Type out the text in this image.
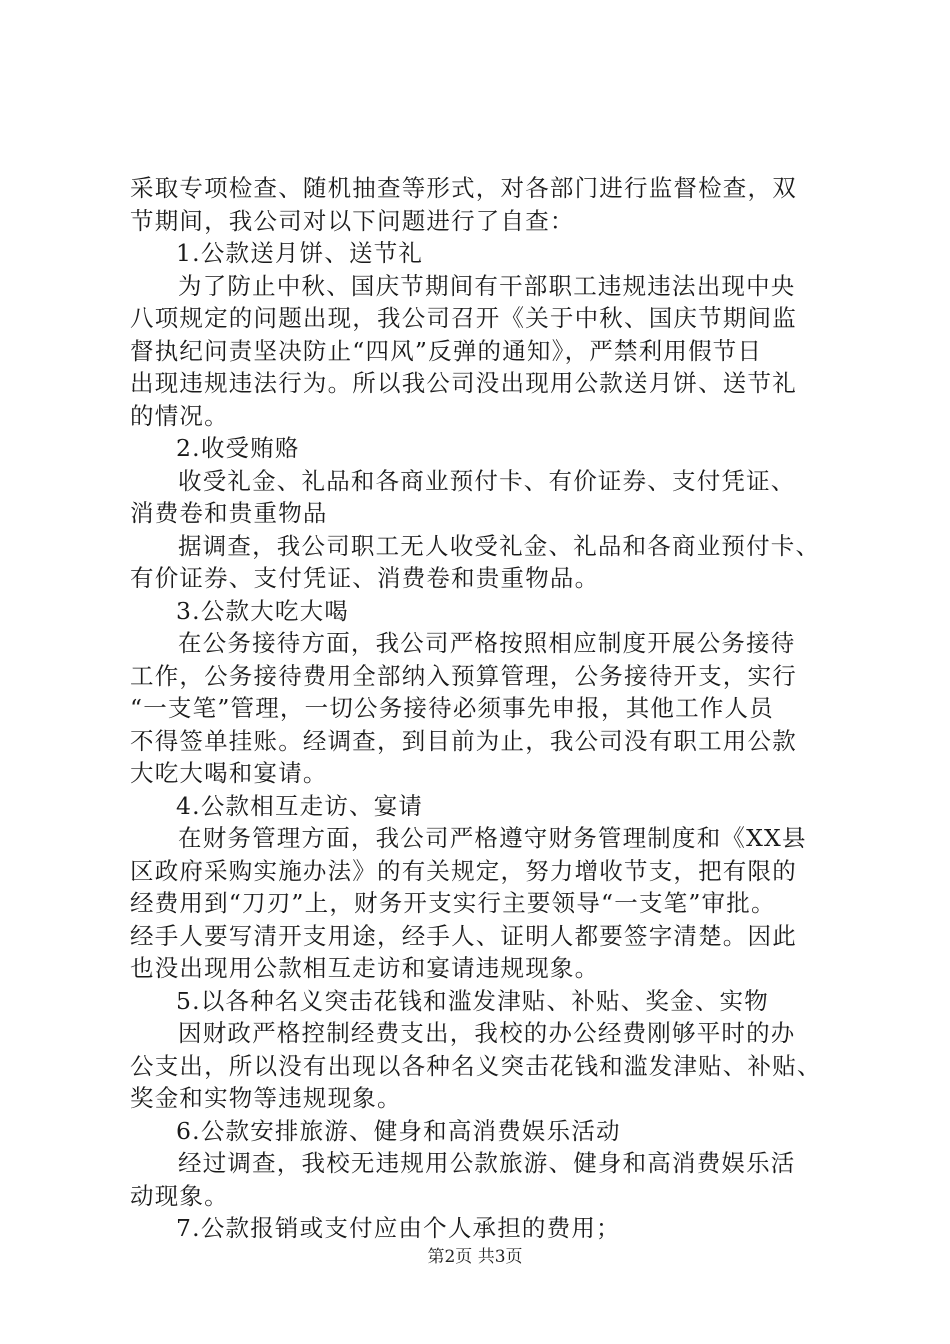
采取专项检查、随机抽查等形式，对各部门进行监督检查，双
节期间，我公司对以下问题进行了自查：
1.公款送月饼、送节礼
为了防止中秋、国庆节期间有干部职工违规违法出现中央
八项规定的问题出现，我公司召开《关于中秋、国庆节期间监
督执纪问责坚决防止“四风”反弹的通知》，严禁利用假节日
出现违规违法行为。所以我公司没出现用公款送月饼、送节礼
的情况。
2.收受贿赂
收受礼金、礼品和各商业预付卡、有价证券、支付凭证、
消费卷和贵重物品
据调查，我公司职工无人收受礼金、礼品和各商业预付卡、
有价证券、支付凭证、消费卷和贵重物品。
3.公款大吃大喝
在公务接待方面，我公司严格按照相应制度开展公务接待
工作，公务接待费用全部纳入预算管理，公务接待开支，实行
“一支笔”管理，一切公务接待必须事先申报，其他工作人员
不得签单挂账。经调查，到目前为止，我公司没有职工用公款
大吃大喝和宴请。
4.公款相互走访、宴请
在财务管理方面，我公司严格遵守财务管理制度和《XX县
区政府采购实施办法》的有关规定，努力增收节支，把有限的
经费用到“刀刃”上，财务开支实行主要领导“一支笔”审批。
经手人要写清开支用途，经手人、证明人都要签字清楚。因此
也没出现用公款相互走访和宴请违规现象。
5.以各种名义突击花钱和滥发津贴、补贴、奖金、实物
因财政严格控制经费支出，我校的办公经费刚够平时的办
公支出，所以没有出现以各种名义突击花钱和滥发津贴、补贴、
奖金和实物等违规现象。
6.公款安排旅游、健身和高消费娱乐活动
经过调查，我校无违规用公款旅游、健身和高消费娱乐活
动现象。
7.公款报销或支付应由个人承担的费用；
第2页 共3页
